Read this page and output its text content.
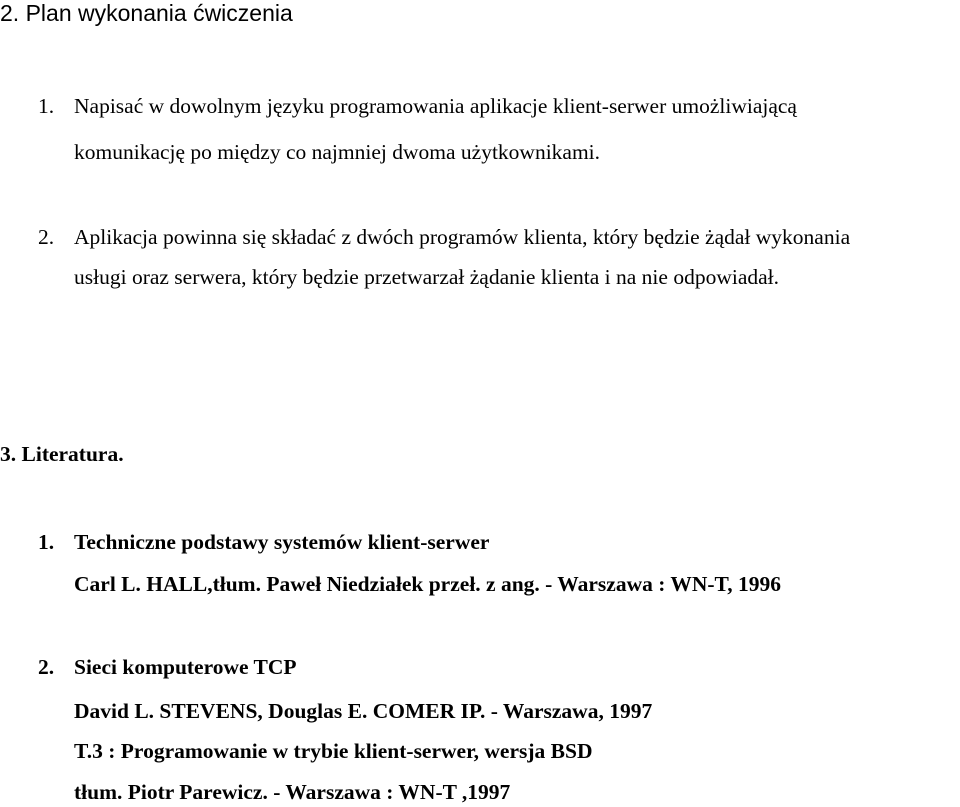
2. Plan wykonania ćwiczenia
1. Napisać w dowolnym języku programowania aplikacje klient-serwer umożliwiającą
komunikację po między co najmniej dwoma użytkownikami.
2. Aplikacja powinna się składać z dwóch programów klienta, który będzie żądał wykonania
usługi oraz serwera, który będzie przetwarzał żądanie klienta i na nie odpowiadał.
3. Literatura.
1. Techniczne podstawy systemów klient-serwer
Carl L. HALL,tłum. Paweł Niedziałek przeł. z ang. - Warszawa : WN-T, 1996
2. Sieci komputerowe TCP
David L. STEVENS, Douglas E. COMER IP. - Warszawa, 1997
T.3 : Programowanie w trybie klient-serwer, wersja BSD
tłum. Piotr Parewicz. - Warszawa : WN-T ,1997
